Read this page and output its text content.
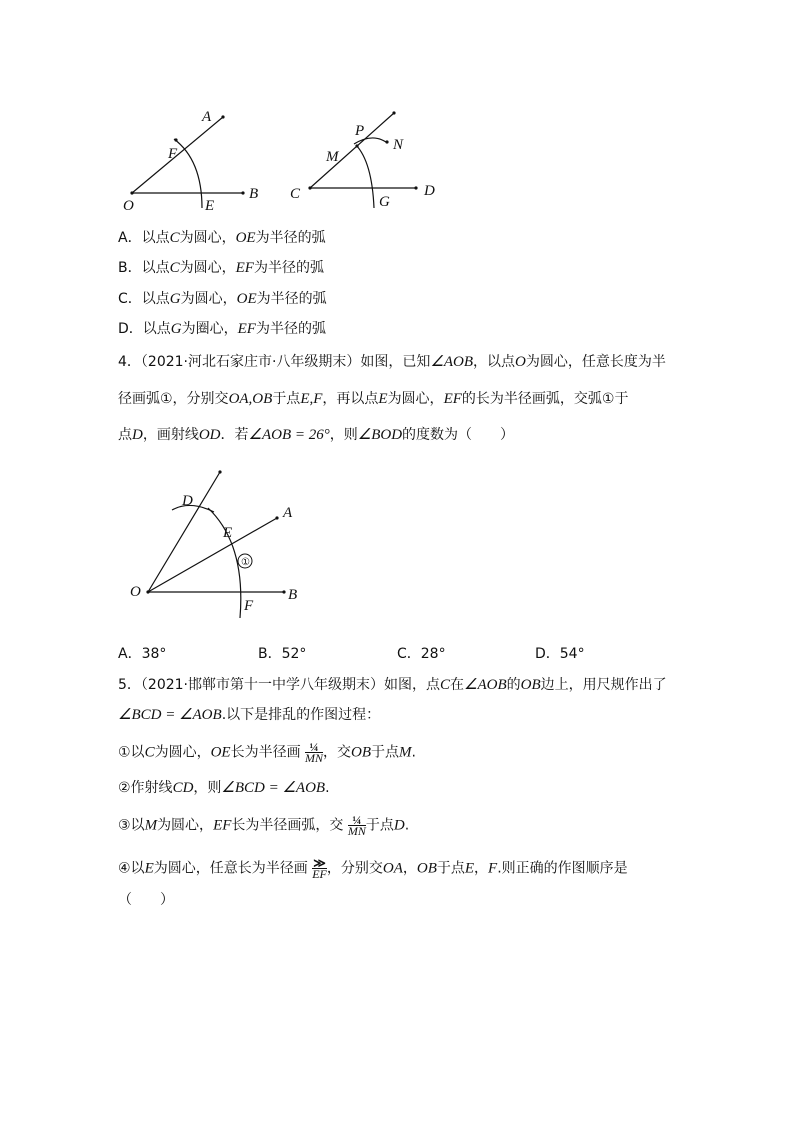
A
F
O	E
B
P
N
M
C	G
D
A．以点C为圆心，OE为半径的弧
B．以点C为圆心，EF为半径的弧
C．以点G为圆心，OE为半径的弧
D．以点G为圈心，EF为半径的弧
4．（2021·河北石家庄市·八年级期末）如图，已知∠AOB，以点O为圆心，任意长度为半
径画弧①，分别交OA,OB于点E,F，再以点E为圆心，EF的长为半径画弧，交弧①于
点D，画射线OD．若∠AOB = 26°，则∠BOD的度数为（　　）
D
A
E
①
O	B
F
A．38°	B．52°	C．28°	D．54°
5．（2021·邯郸市第十一中学八年级期末）如图，点C在∠AOB的OB边上，用尺规作出了
∠BCD = ∠AOB.以下是排乱的作图过程：
①以C为圆心，OE长为半径画 $\frac{\text{¼}}{MN}$ ，交OB于点M.
②作射线CD，则∠BCD = ∠AOB.
③以M为圆心，EF长为半径画弧，交 $\frac{\text{¼}}{MN}$ 于点D.
④以E为圆心，任意长为半径画 $\frac{≫}{EF}$ ，分别交OA，OB于点E，F.则正确的作图顺序是
（　　）
